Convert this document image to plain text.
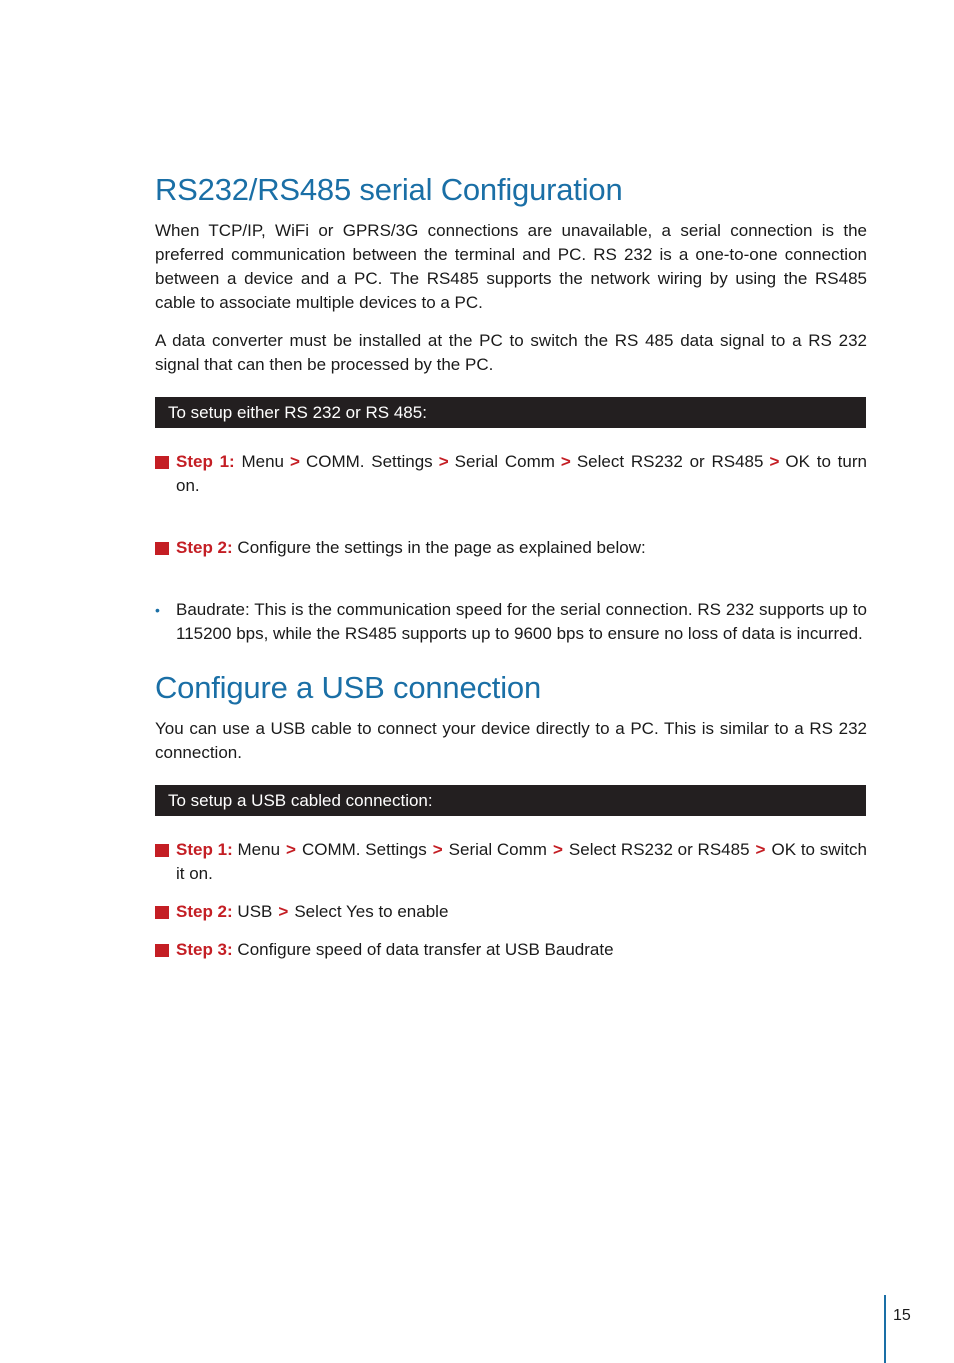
RS232/RS485 serial Configuration

When TCP/IP, WiFi or GPRS/3G connections are unavailable, a serial connection is the preferred communication between the terminal and PC. RS 232 is a one-to-one connection between a device and a PC. The RS485 supports the network wiring by using the RS485 cable to associate multiple devices to a PC.

A data converter must be installed at the PC to switch the RS 485 data signal to a RS 232 signal that can then be processed by the PC.

To setup either RS 232 or RS 485:
Step 1: Menu > COMM. Settings > Serial Comm > Select RS232 or RS485 > OK to turn on.
Step 2: Configure the settings in the page as explained below:
• Baudrate: This is the communication speed for the serial connection. RS 232 supports up to 115200 bps, while the RS485 supports up to 9600 bps to ensure no loss of data is incurred.
Configure a USB connection

You can use a USB cable to connect your device directly to a PC. This is similar to a RS 232 connection.

To setup a USB cabled connection:
Step 1: Menu > COMM. Settings > Serial Comm > Select RS232 or RS485 > OK to switch it on.
Step 2: USB > Select Yes to enable
Step 3: Configure speed of data transfer at USB Baudrate
15
